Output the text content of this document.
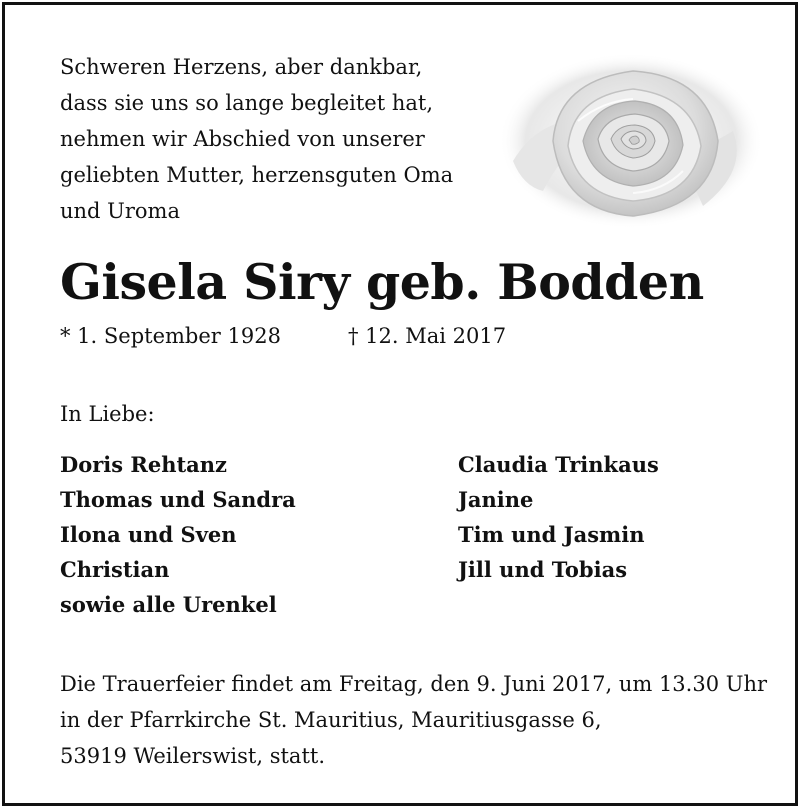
Schweren Herzens, aber dankbar,
dass sie uns so lange begleitet hat,
nehmen wir Abschied von unserer
geliebten Mutter, herzensguten Oma
und Uroma
Gisela Siry geb. Bodden
* 1. September 1928	† 12. Mai 2017
In Liebe:
Doris Rehtanz
Thomas und Sandra
Ilona und Sven
Christian
sowie alle Urenkel
Claudia Trinkaus
Janine
Tim und Jasmin
Jill und Tobias
Die Trauerfeier findet am Freitag, den 9. Juni 2017, um 13.30 Uhr
in der Pfarrkirche St. Mauritius, Mauritiusgasse 6,
53919 Weilerswist, statt.
